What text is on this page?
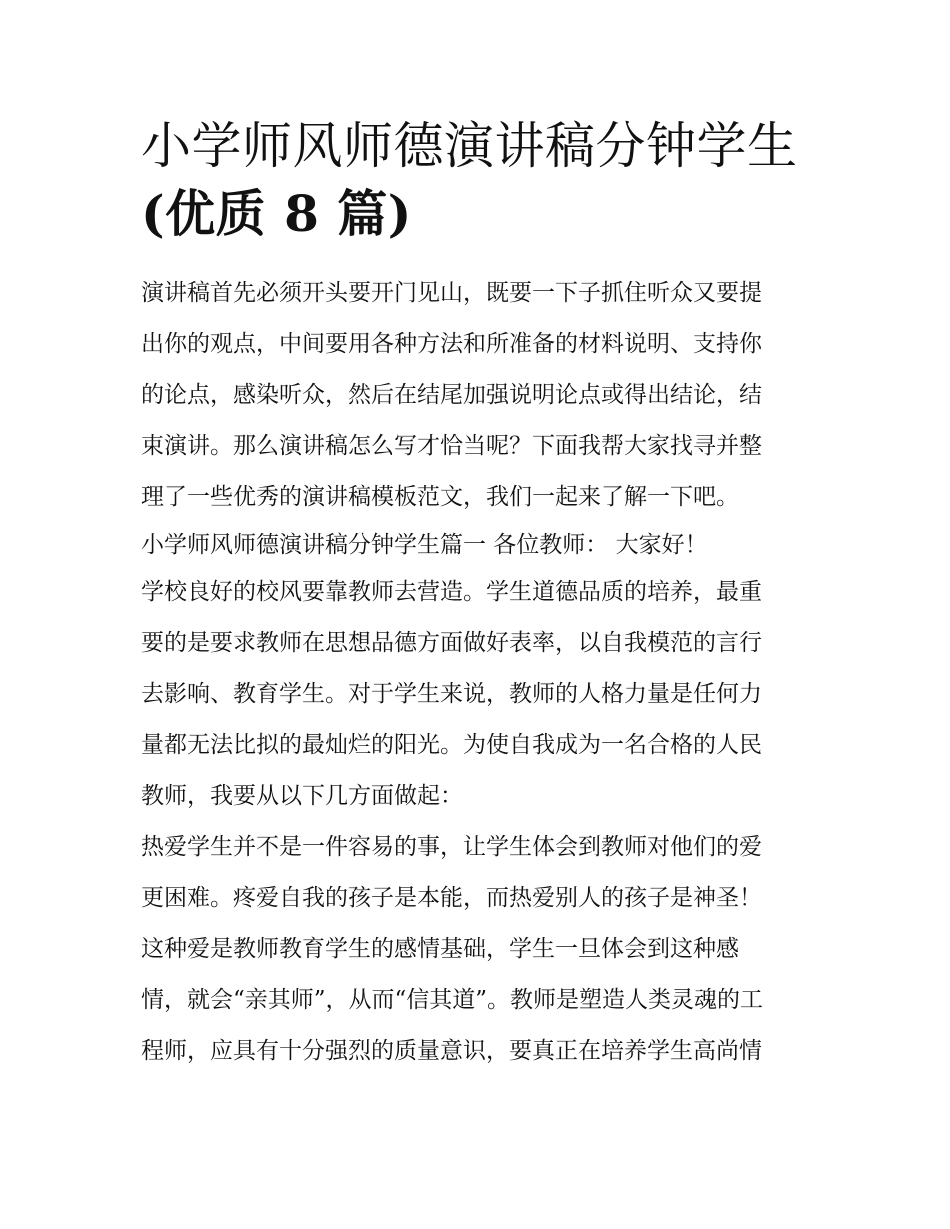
小学师风师德演讲稿分钟学生
(优质 8 篇)

演讲稿首先必须开头要开门见山，既要一下子抓住听众又要提
出你的观点，中间要用各种方法和所准备的材料说明、支持你
的论点，感染听众，然后在结尾加强说明论点或得出结论，结
束演讲。那么演讲稿怎么写才恰当呢？下面我帮大家找寻并整
理了一些优秀的演讲稿模板范文，我们一起来了解一下吧。

小学师风师德演讲稿分钟学生篇一 各位教师： 大家好！

学校良好的校风要靠教师去营造。学生道德品质的培养，最重
要的是要求教师在思想品德方面做好表率，以自我模范的言行
去影响、教育学生。对于学生来说，教师的人格力量是任何力
量都无法比拟的最灿烂的阳光。为使自我成为一名合格的人民
教师，我要从以下几方面做起：

热爱学生并不是一件容易的事，让学生体会到教师对他们的爱
更困难。疼爱自我的孩子是本能，而热爱别人的孩子是神圣！
这种爱是教师教育学生的感情基础，学生一旦体会到这种感
情，就会“亲其师”，从而“信其道”。教师是塑造人类灵魂的工
程师，应具有十分强烈的质量意识，要真正在培养学生高尚情
